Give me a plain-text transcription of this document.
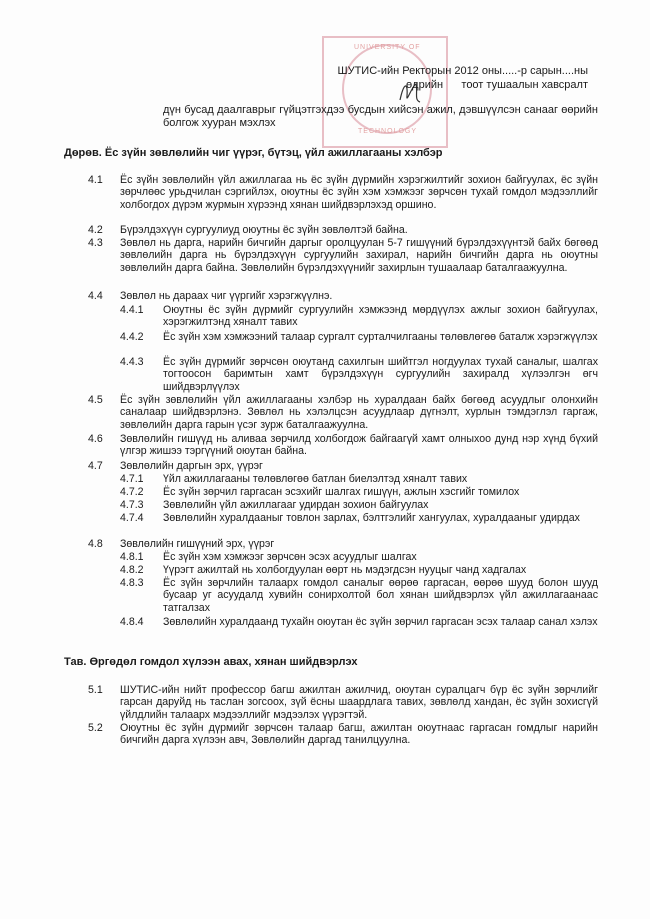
UNIVERSITY OF
TECHNOLOGY
ШУТИС-ийн Ректорын 2012 оны.....-р сарын....ны
өдрийн      тоот тушаалын хавсралт
дүн бусад даалгаврыг гүйцэтгэхдээ бусдын хийсэн ажил, дэвшүүлсэн санааг өөрийн болгож хууран мэхлэх
Дөрөв. Ёс зүйн зөвлөлийн чиг үүрэг, бүтэц, үйл ажиллагааны хэлбэр
4.1 Ёс зүйн зөвлөлийн үйл ажиллагаа нь ёс зүйн дүрмийн хэрэгжилтийг зохион байгуулах, ёс зүйн зөрчлөөс урьдчилан сэргийлэх, оюутны ёс зүйн хэм хэмжээг зөрчсөн тухай гомдол мэдээллийг холбогдох дүрэм журмын хүрээнд хянан шийдвэрлэхэд оршино.
4.2 Бүрэлдэхүүн сургуулиуд оюутны ёс зүйн зөвлөлтэй байна.
4.3 Зөвлөл нь дарга, нарийн бичгийн даргыг оролцуулан 5-7 гишүүний бүрэлдэхүүнтэй байх бөгөөд зөвлөлийн дарга нь бүрэлдэхүүн сургуулийн захирал, нарийн бичгийн дарга нь оюутны зөвлөлийн дарга байна. Зөвлөлийн бүрэлдэхүүнийг захирлын тушаалаар баталгаажуулна.
4.4 Зөвлөл нь дараах чиг үүргийг хэрэгжүүлнэ.
4.4.1 Оюутны ёс зүйн дүрмийг сургуулийн хэмжээнд мөрдүүлэх ажлыг зохион байгуулах, хэрэгжилтэнд хяналт тавих
4.4.2 Ёс зүйн хэм хэмжээний талаар сургалт сурталчилгааны төлөвлөгөө баталж хэрэгжүүлэх
4.4.3 Ёс зүйн дүрмийг зөрчсөн оюутанд сахилгын шийтгэл ногдуулах тухай саналыг, шалгах тогтоосон баримтын хамт бүрэлдэхүүн сургуулийн захиралд хүлээлгэн өгч шийдвэрлүүлэх
4.5 Ёс зүйн зөвлөлийн үйл ажиллагааны хэлбэр нь хуралдаан байх бөгөөд асуудлыг олонхийн саналаар шийдвэрлэнэ. Зөвлөл нь хэлэлцсэн асуудлаар дүгнэлт, хурлын тэмдэглэл гаргаж, зөвлөлийн дарга гарын үсэг зурж баталгаажуулна.
4.6 Зөвлөлийн гишүүд нь аливаа зөрчилд холбогдож байгаагүй хамт олныхоо дунд нэр хүнд бүхий үлгэр жишээ тэргүүний оюутан байна.
4.7 Зөвлөлийн даргын эрх, үүрэг
4.7.1 Үйл ажиллагааны төлөвлөгөө батлан биелэлтэд хяналт тавих
4.7.2 Ёс зүйн зөрчил гаргасан эсэхийг шалгах гишүүн, ажлын хэсгийг томилох
4.7.3 Зөвлөлийн үйл ажиллагааг удирдан зохион байгуулах
4.7.4 Зөвлөлийн хуралдааныг товлон зарлах, бэлтгэлийг хангуулах, хуралдааныг удирдах
4.8 Зөвлөлийн гишүүний эрх, үүрэг
4.8.1 Ёс зүйн хэм хэмжээг зөрчсөн эсэх асуудлыг шалгах
4.8.2 Үүрэгт ажилтай нь холбогдуулан өөрт нь мэдэгдсэн нууцыг чанд хадгалах
4.8.3 Ёс зүйн зөрчлийн талаарх гомдол саналыг өөрөө гаргасан, өөрөө шууд болон шууд бусаар уг асуудалд хувийн сонирхолтой бол хянан шийдвэрлэх үйл ажиллагаанаас татгалзах
4.8.4 Зөвлөлийн хуралдаанд тухайн оюутан ёс зүйн зөрчил гаргасан эсэх талаар санал хэлэх
Тав. Өргөдөл гомдол хүлээн авах, хянан шийдвэрлэх
5.1 ШУТИС-ийн нийт профессор багш ажилтан ажилчид, оюутан суралцагч бүр ёс зүйн зөрчлийг гарсан даруйд нь таслан зогсоох, зүй ёсны шаардлага тавих, зөвлөлд хандан, ёс зүйн зохисгүй үйлдлийн талаарх мэдээллийг мэдээлэх үүрэгтэй.
5.2 Оюутны ёс зүйн дүрмийг зөрчсөн талаар багш, ажилтан оюутнаас гаргасан гомдлыг нарийн бичгийн дарга хүлээн авч, Зөвлөлийн даргад танилцуулна.
